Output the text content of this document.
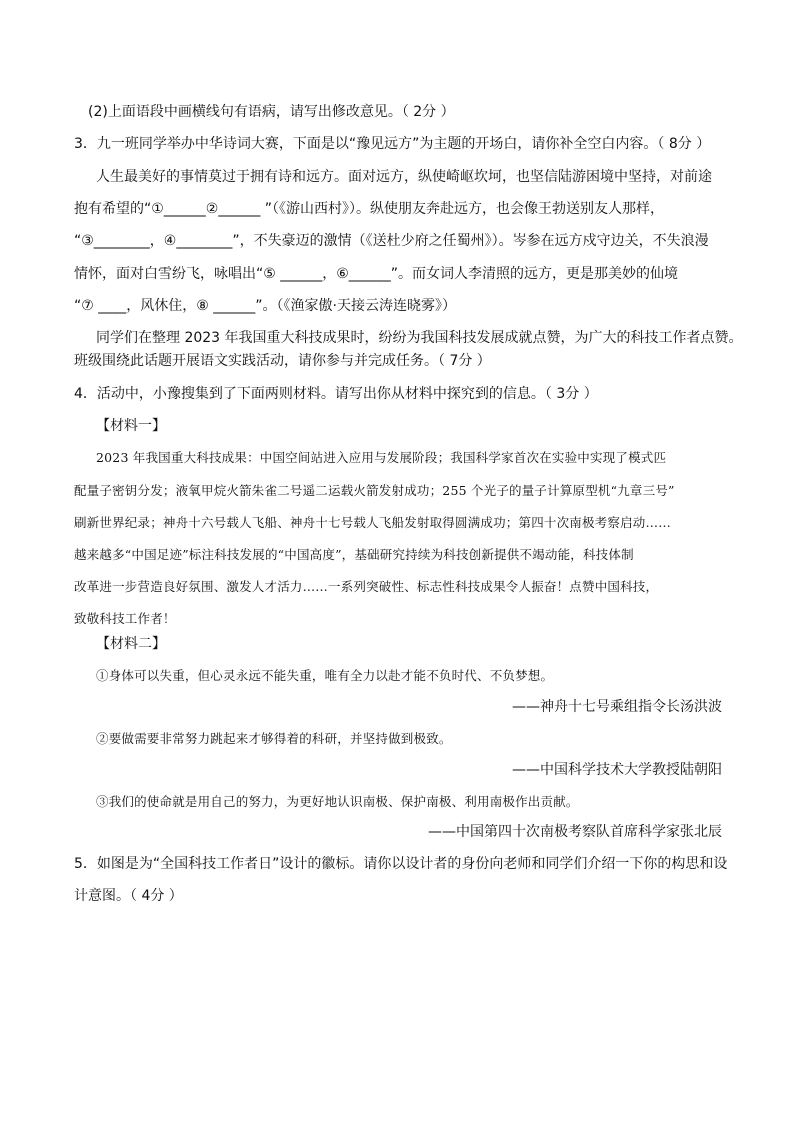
(2)上面语段中画横线句有语病，请写出修改意见。（ 2分 ）
3．九一班同学举办中华诗词大赛，下面是以“豫见远方”为主题的开场白，请你补全空白内容。（ 8分 ）
人生最美好的事情莫过于拥有诗和远方。面对远方，纵使崎岖坎坷，也坚信陆游困境中坚持，对前途
抱有希望的“①______②______ ”（《游山西村》）。纵使朋友奔赴远方，也会像王勃送别友人那样，
“③________，④________”，不失豪迈的激情（《送杜少府之任蜀州》）。岑参在远方戍守边关，不失浪漫
情怀，面对白雪纷飞，咏唱出“⑤ ______，⑥______”。而女词人李清照的远方，更是那美妙的仙境
“⑦ ____，风休住，⑧ ______”。（《渔家傲·天接云涛连晓雾》）
同学们在整理 2023 年我国重大科技成果时，纷纷为我国科技发展成就点赞，为广大的科技工作者点赞。
班级围绕此话题开展语文实践活动，请你参与并完成任务。（ 7分 ）
4．活动中，小豫搜集到了下面两则材料。请写出你从材料中探究到的信息。（ 3分 ）
【材料一】
2023 年我国重大科技成果：中国空间站进入应用与发展阶段；我国科学家首次在实验中实现了模式匹
配量子密钥分发；液氧甲烷火箭朱雀二号遥二运载火箭发射成功；255 个光子的量子计算原型机“九章三号”
刷新世界纪录；神舟十六号载人飞船、神舟十七号载人飞船发射取得圆满成功；第四十次南极考察启动……
越来越多“中国足迹”标注科技发展的“中国高度”，基础研究持续为科技创新提供不竭动能，科技体制
改革进一步营造良好氛围、激发人才活力……一系列突破性、标志性科技成果令人振奋！点赞中国科技，
致敬科技工作者！
【材料二】
①身体可以失重，但心灵永远不能失重，唯有全力以赴才能不负时代、不负梦想。
——神舟十七号乘组指令长汤洪波
②要做需要非常努力跳起来才够得着的科研，并坚持做到极致。
——中国科学技术大学教授陆朝阳
③我们的使命就是用自己的努力，为更好地认识南极、保护南极、利用南极作出贡献。
——中国第四十次南极考察队首席科学家张北辰
5．如图是为“全国科技工作者日”设计的徽标。请你以设计者的身份向老师和同学们介绍一下你的构思和设
计意图。（ 4分 ）
